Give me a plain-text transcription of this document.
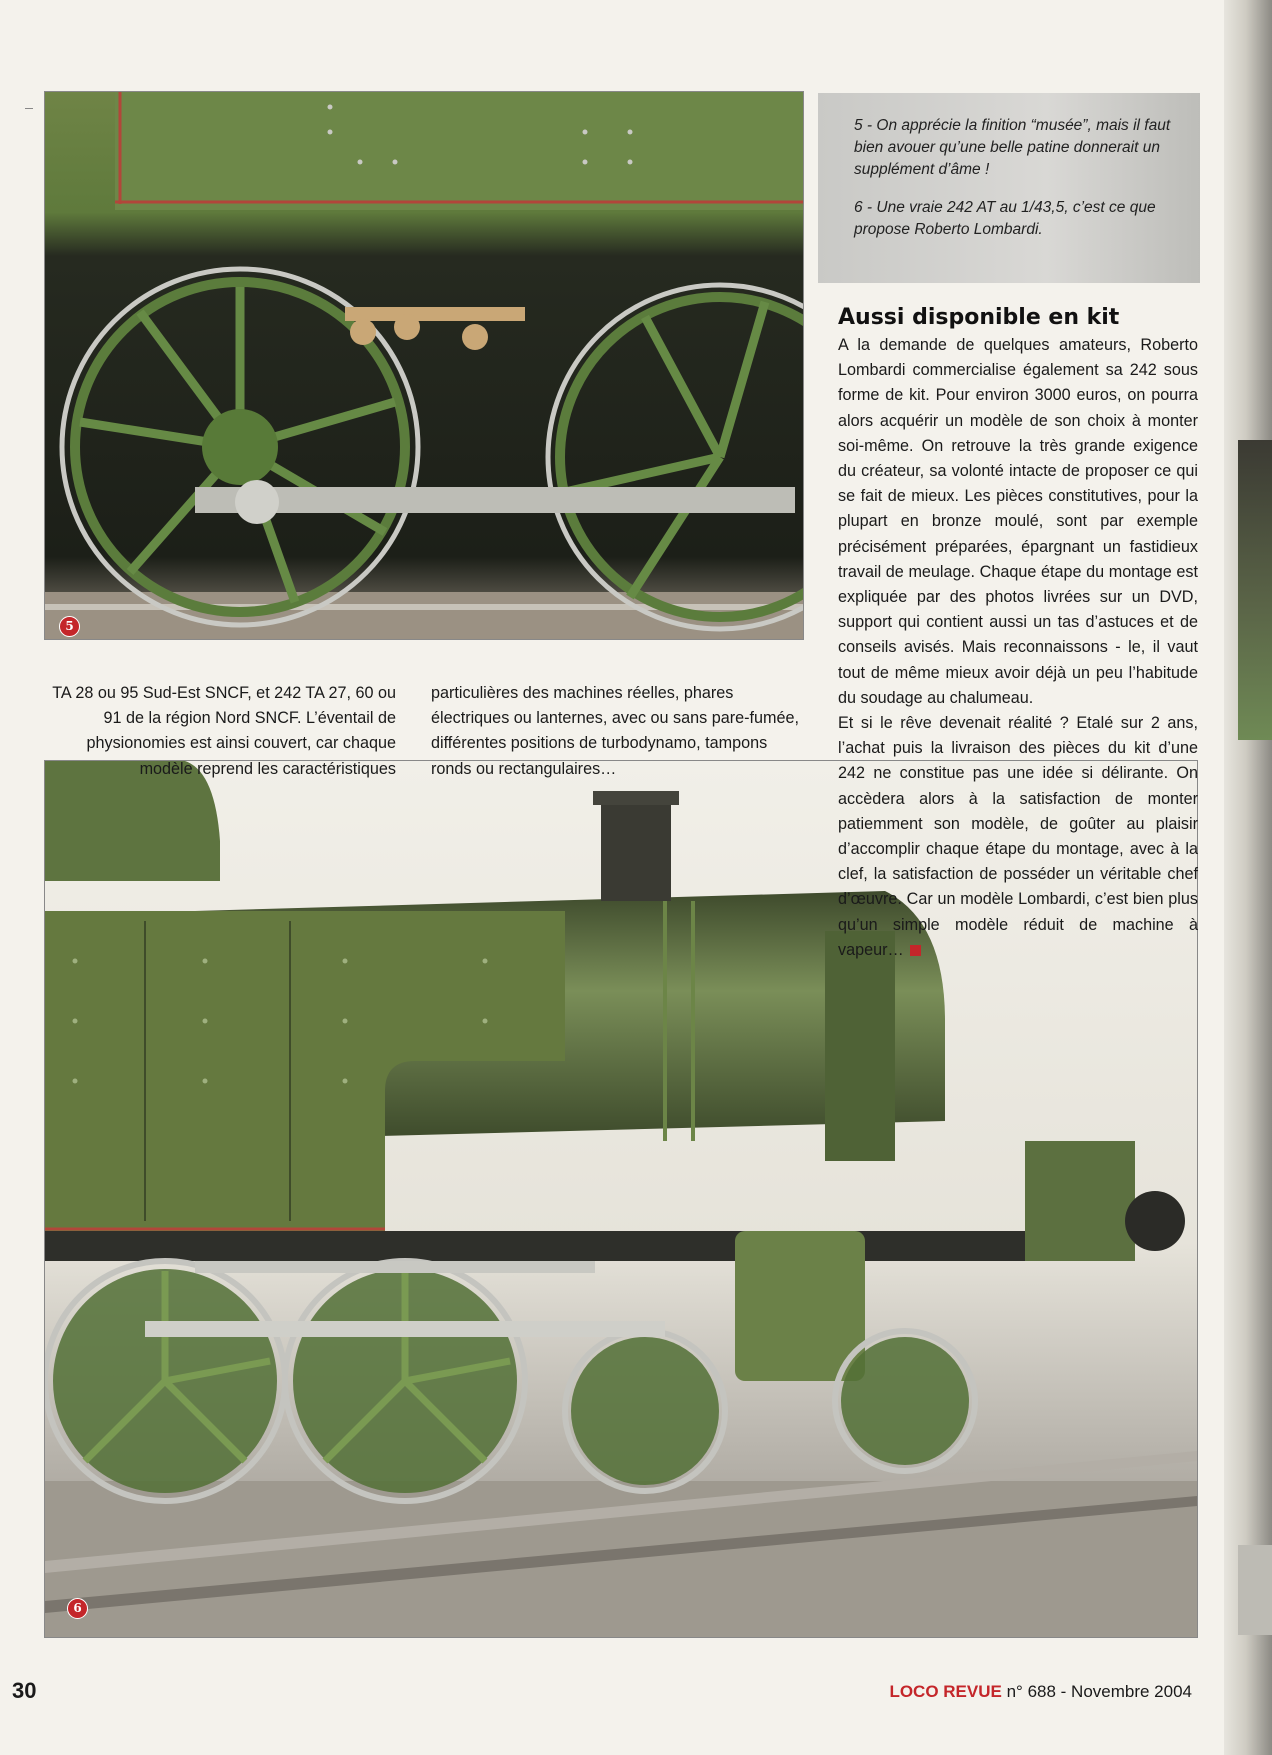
5

5 - On apprécie la finition “musée”, mais il faut bien avouer qu’une belle patine donnerait un supplément d’âme !

6 - Une vraie 242 AT au 1/43,5, c’est ce que propose Roberto Lombardi.

6
Aussi disponible en kit

A la demande de quelques amateurs, Roberto Lombardi commercialise également sa 242 sous forme de kit. Pour environ 3000 euros, on pourra alors acquérir un modèle de son choix à monter soi-même. On retrouve la très grande exigence du créateur, sa volonté intacte de proposer ce qui se fait de mieux. Les pièces constitutives, pour la plupart en bronze moulé, sont par exemple précisément préparées, épargnant un fastidieux travail de meulage. Chaque étape du montage est expliquée par des photos livrées sur un DVD, support qui contient aussi un tas d’astuces et de conseils avisés. Mais reconnaissons - le, il vaut tout de même mieux avoir déjà un peu l’habitude du soudage au chalumeau.

Et si le rêve devenait réalité ? Etalé sur 2 ans, l’achat puis la livraison des pièces du kit d’une 242 ne constitue pas une idée si délirante. On accèdera alors à la satisfaction de monter patiemment son modèle, de goûter au plaisir d’accomplir chaque étape du montage, avec à la clef, la satisfaction de posséder un véritable chef d’œuvre. Car un modèle Lombardi, c’est bien plus qu’un simple modèle réduit de machine à vapeur…

TA 28 ou 95 Sud-Est SNCF, et 242 TA 27, 60 ou 91 de la région Nord SNCF. L’éventail de physionomies est ainsi couvert, car chaque modèle reprend les caractéristiques
particulières des machines réelles, phares électriques ou lanternes, avec ou sans pare-fumée, différentes positions de turbodynamo, tampons ronds ou rectangulaires…
30	LOCO REVUE n° 688 - Novembre 2004
